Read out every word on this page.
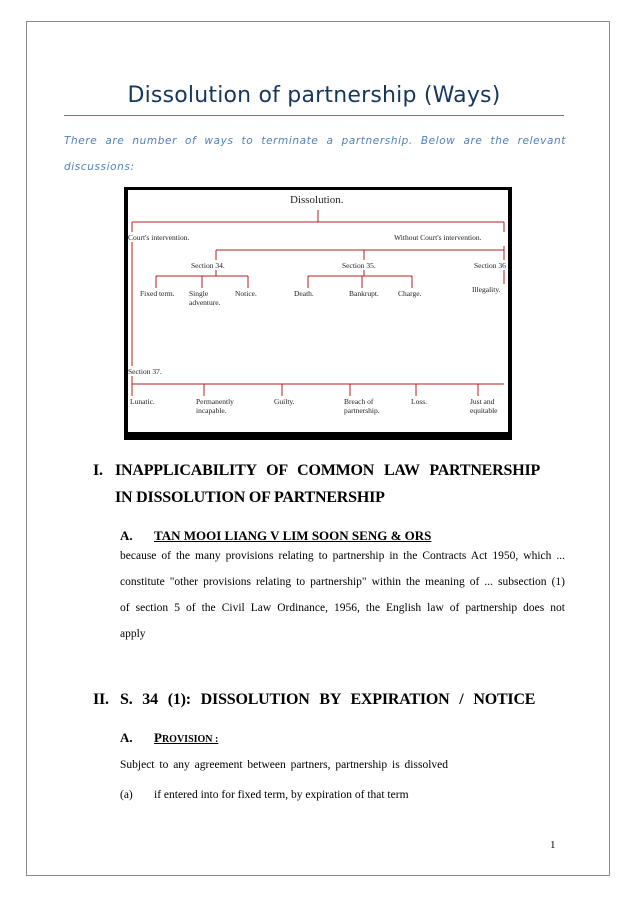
Dissolution of partnership (Ways)
There are number of ways to terminate a partnership. Below are the relevant discussions:
Dissolution.
Court's intervention.	Without Court's intervention.
Section 34.	Section 35.	Section 36
Fixed term. Single adventure.
Notice.	Death.	Bankrupt.	Charge.	Illegality.
Section 37.
Lunatic.	Permanently incapable.
Guilty.	Breach of partnership.
Loss.	Just and equitable
I. INAPPLICABILITY OF COMMON LAW PARTNERSHIP
IN DISSOLUTION OF PARTNERSHIP
A. TAN MOOI LIANG V LIM SOON SENG & ORS
because of the many provisions relating to partnership in the Contracts Act 1950, which ... constitute "other provisions relating to partnership" within the meaning of ... subsection (1) of section 5 of the Civil Law Ordinance, 1956, the English law of partnership does not apply
II. S. 34 (1): DISSOLUTION BY EXPIRATION / NOTICE
A. PROVISION :
Subject to any agreement between partners, partnership is dissolved
(a) if entered into for fixed term, by expiration of that term
1
